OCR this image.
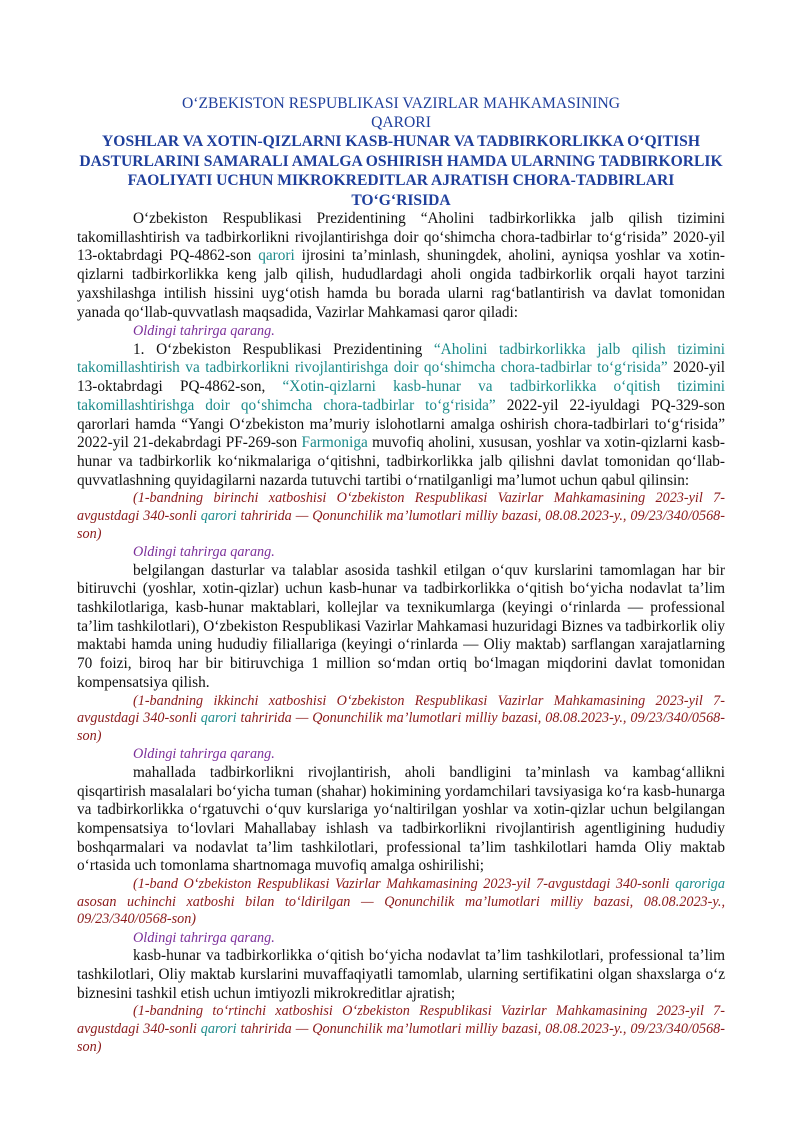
O‘ZBEKISTON RESPUBLIKASI VAZIRLAR MAHKAMASINING
QARORI
YOSHLAR VA XOTIN-QIZLARNI KASB-HUNAR VA TADBIRKORLIKKA O‘QITISH DASTURLARINI SAMARALI AMALGA OSHIRISH HAMDA ULARNING TADBIRKORLIK FAOLIYATI UCHUN MIKROKREDITLAR AJRATISH CHORA-TADBIRLARI TO‘G‘RISIDA

O‘zbekiston Respublikasi Prezidentining “Aholini tadbirkorlikka jalb qilish tizimini takomillashtirish va tadbirkorlikni rivojlantirishga doir qo‘shimcha chora-tadbirlar to‘g‘risida” 2020-yil 13-oktabrdagi PQ-4862-son qarori ijrosini ta’minlash, shuningdek, aholini, ayniqsa yoshlar va xotin-qizlarni tadbirkorlikka keng jalb qilish, hududlardagi aholi ongida tadbirkorlik orqali hayot tarzini yaxshilashga intilish hissini uyg‘otish hamda bu borada ularni rag‘batlantirish va davlat tomonidan yanada qo‘llab-quvvatlash maqsadida, Vazirlar Mahkamasi qaror qiladi:

Oldingi tahrirga qarang.

1. O‘zbekiston Respublikasi Prezidentining “Aholini tadbirkorlikka jalb qilish tizimini takomillashtirish va tadbirkorlikni rivojlantirishga doir qo‘shimcha chora-tadbirlar to‘g‘risida” 2020-yil 13-oktabrdagi PQ-4862-son, “Xotin-qizlarni kasb-hunar va tadbirkorlikka o‘qitish tizimini takomillashtirishga doir qo‘shimcha chora-tadbirlar to‘g‘risida” 2022-yil 22-iyuldagi PQ-329-son qarorlari hamda “Yangi O‘zbekiston ma’muriy islohotlarni amalga oshirish chora-tadbirlari to‘g‘risida” 2022-yil 21-dekabrdagi PF-269-son Farmoniga muvofiq aholini, xususan, yoshlar va xotin-qizlarni kasb-hunar va tadbirkorlik ko‘nikmalariga o‘qitishni, tadbirkorlikka jalb qilishni davlat tomonidan qo‘llab-quvvatlashning quyidagilarni nazarda tutuvchi tartibi o‘rnatilganligi ma’lumot uchun qabul qilinsin:

(1-bandning birinchi xatboshisi O‘zbekiston Respublikasi Vazirlar Mahkamasining 2023-yil 7-avgustdagi 340-sonli qarori tahririda — Qonunchilik ma’lumotlari milliy bazasi, 08.08.2023-y., 09/23/340/0568-son)

Oldingi tahrirga qarang.

belgilangan dasturlar va talablar asosida tashkil etilgan o‘quv kurslarini tamomlagan har bir bitiruvchi (yoshlar, xotin-qizlar) uchun kasb-hunar va tadbirkorlikka o‘qitish bo‘yicha nodavlat ta’lim tashkilotlariga, kasb-hunar maktablari, kollejlar va texnikumlarga (keyingi o‘rinlarda — professional ta’lim tashkilotlari), O‘zbekiston Respublikasi Vazirlar Mahkamasi huzuridagi Biznes va tadbirkorlik oliy maktabi hamda uning hududiy filiallariga (keyingi o‘rinlarda — Oliy maktab) sarflangan xarajatlarning 70 foizi, biroq har bir bitiruvchiga 1 million so‘mdan ortiq bo‘lmagan miqdorini davlat tomonidan kompensatsiya qilish.

(1-bandning ikkinchi xatboshisi O‘zbekiston Respublikasi Vazirlar Mahkamasining 2023-yil 7-avgustdagi 340-sonli qarori tahririda — Qonunchilik ma’lumotlari milliy bazasi, 08.08.2023-y., 09/23/340/0568-son)

Oldingi tahrirga qarang.

mahallada tadbirkorlikni rivojlantirish, aholi bandligini ta’minlash va kambag‘allikni qisqartirish masalalari bo‘yicha tuman (shahar) hokimining yordamchilari tavsiyasiga ko‘ra kasb-hunarga va tadbirkorlikka o‘rgatuvchi o‘quv kurslariga yo‘naltirilgan yoshlar va xotin-qizlar uchun belgilangan kompensatsiya to‘lovlari Mahallabay ishlash va tadbirkorlikni rivojlantirish agentligining hududiy boshqarmalari va nodavlat ta’lim tashkilotlari, professional ta’lim tashkilotlari hamda Oliy maktab o‘rtasida uch tomonlama shartnomaga muvofiq amalga oshirilishi;

(1-band O‘zbekiston Respublikasi Vazirlar Mahkamasining 2023-yil 7-avgustdagi 340-sonli qaroriga asosan uchinchi xatboshi bilan to‘ldirilgan — Qonunchilik ma’lumotlari milliy bazasi, 08.08.2023-y., 09/23/340/0568-son)

Oldingi tahrirga qarang.

kasb-hunar va tadbirkorlikka o‘qitish bo‘yicha nodavlat ta’lim tashkilotlari, professional ta’lim tashkilotlari, Oliy maktab kurslarini muvaffaqiyatli tamomlab, ularning sertifikatini olgan shaxslarga o‘z biznesini tashkil etish uchun imtiyozli mikrokreditlar ajratish;

(1-bandning to‘rtinchi xatboshisi O‘zbekiston Respublikasi Vazirlar Mahkamasining 2023-yil 7-avgustdagi 340-sonli qarori tahririda — Qonunchilik ma’lumotlari milliy bazasi, 08.08.2023-y., 09/23/340/0568-son)
